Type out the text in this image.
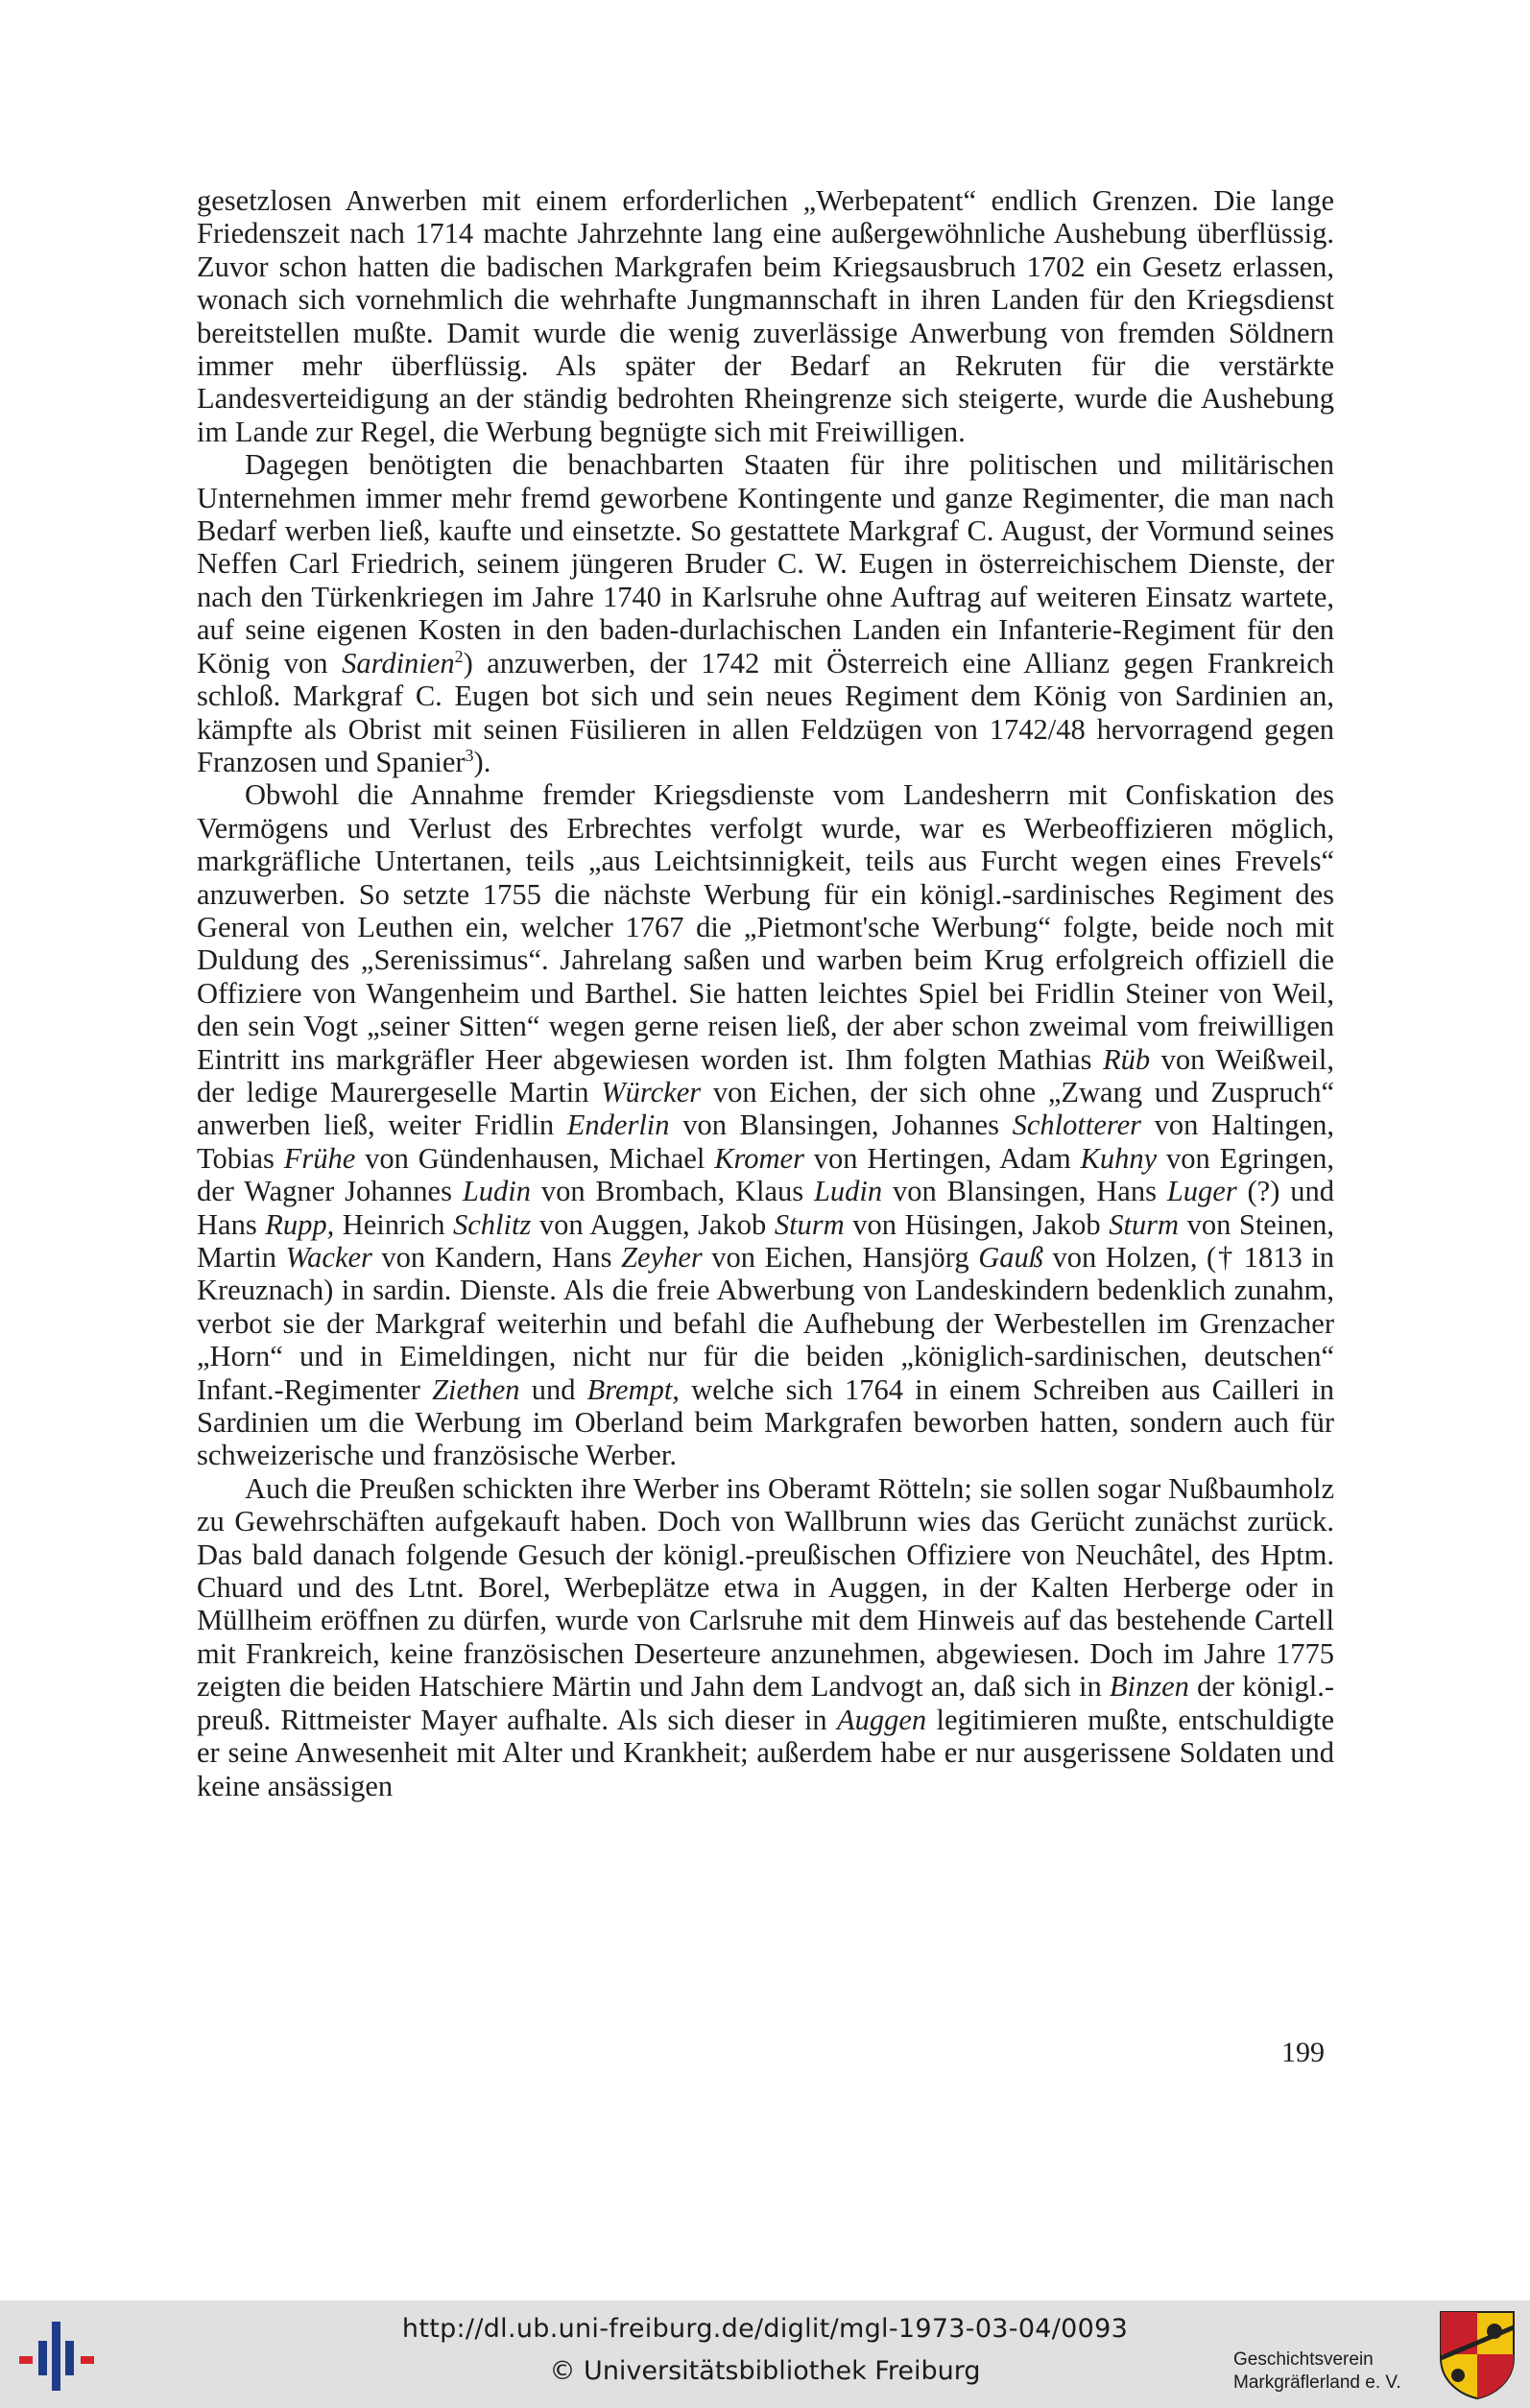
gesetzlosen Anwerben mit einem erforderlichen „Werbepatent“ endlich Grenzen. Die lange Friedenszeit nach 1714 machte Jahrzehnte lang eine außergewöhnliche Aushebung überflüssig. Zuvor schon hatten die badischen Markgrafen beim Kriegsausbruch 1702 ein Gesetz erlassen, wonach sich vornehmlich die wehrhafte Jungmannschaft in ihren Landen für den Kriegsdienst bereitstellen mußte. Damit wurde die wenig zuverlässige Anwerbung von fremden Söldnern immer mehr überflüssig. Als später der Bedarf an Rekruten für die verstärkte Landesverteidigung an der ständig bedrohten Rheingrenze sich steigerte, wurde die Aushebung im Lande zur Regel, die Werbung begnügte sich mit Freiwilligen.

Dagegen benötigten die benachbarten Staaten für ihre politischen und militärischen Unternehmen immer mehr fremd geworbene Kontingente und ganze Regimenter, die man nach Bedarf werben ließ, kaufte und einsetzte. So gestattete Markgraf C. August, der Vormund seines Neffen Carl Friedrich, seinem jüngeren Bruder C. W. Eugen in österreichischem Dienste, der nach den Türkenkriegen im Jahre 1740 in Karlsruhe ohne Auftrag auf weiteren Einsatz wartete, auf seine eigenen Kosten in den baden-durlachischen Landen ein Infanterie-Regiment für den König von Sardinien$^2$) anzuwerben, der 1742 mit Österreich eine Allianz gegen Frankreich schloß. Markgraf C. Eugen bot sich und sein neues Regiment dem König von Sardinien an, kämpfte als Obrist mit seinen Füsilieren in allen Feldzügen von 1742/48 hervorragend gegen Franzosen und Spanier$^3$).

Obwohl die Annahme fremder Kriegsdienste vom Landesherrn mit Confiskation des Vermögens und Verlust des Erbrechtes verfolgt wurde, war es Werbeoffizieren möglich, markgräfliche Untertanen, teils „aus Leichtsinnigkeit, teils aus Furcht wegen eines Frevels“ anzuwerben. So setzte 1755 die nächste Werbung für ein königl.-sardinisches Regiment des General von Leuthen ein, welcher 1767 die „Pietmont'sche Werbung“ folgte, beide noch mit Duldung des „Serenissimus“. Jahrelang saßen und warben beim Krug erfolgreich offiziell die Offiziere von Wangenheim und Barthel. Sie hatten leichtes Spiel bei Fridlin Steiner von Weil, den sein Vogt „seiner Sitten“ wegen gerne reisen ließ, der aber schon zweimal vom freiwilligen Eintritt ins markgräfler Heer abgewiesen worden ist. Ihm folgten Mathias Rüb von Weißweil, der ledige Maurergeselle Martin Würcker von Eichen, der sich ohne „Zwang und Zuspruch“ anwerben ließ, weiter Fridlin Enderlin von Blansingen, Johannes Schlotterer von Haltingen, Tobias Frühe von Gündenhausen, Michael Kromer von Hertingen, Adam Kuhny von Egringen, der Wagner Johannes Ludin von Brombach, Klaus Ludin von Blansingen, Hans Luger (?) und Hans Rupp, Heinrich Schlitz von Auggen, Jakob Sturm von Hüsingen, Jakob Sturm von Steinen, Martin Wacker von Kandern, Hans Zeyher von Eichen, Hansjörg Gauß von Holzen, († 1813 in Kreuznach) in sardin. Dienste. Als die freie Abwerbung von Landeskindern bedenklich zunahm, verbot sie der Markgraf weiterhin und befahl die Aufhebung der Werbestellen im Grenzacher „Horn“ und in Eimeldingen, nicht nur für die beiden „königlich-sardinischen, deutschen“ Infant.-Regimenter Ziethen und Brempt, welche sich 1764 in einem Schreiben aus Cailleri in Sardinien um die Werbung im Oberland beim Markgrafen beworben hatten, sondern auch für schweizerische und französische Werber.

Auch die Preußen schickten ihre Werber ins Oberamt Rötteln; sie sollen sogar Nußbaumholz zu Gewehrschäften aufgekauft haben. Doch von Wallbrunn wies das Gerücht zunächst zurück. Das bald danach folgende Gesuch der königl.-preußischen Offiziere von Neuchâtel, des Hptm. Chuard und des Ltnt. Borel, Werbeplätze etwa in Auggen, in der Kalten Herberge oder in Müllheim eröffnen zu dürfen, wurde von Carlsruhe mit dem Hinweis auf das bestehende Cartell mit Frankreich, keine französischen Deserteure anzunehmen, abgewiesen. Doch im Jahre 1775 zeigten die beiden Hatschiere Märtin und Jahn dem Landvogt an, daß sich in Binzen der königl.-preuß. Rittmeister Mayer aufhalte. Als sich dieser in Auggen legitimieren mußte, entschuldigte er seine Anwesenheit mit Alter und Krankheit; außerdem habe er nur ausgerissene Soldaten und keine ansässigen

199
http://dl.ub.uni-freiburg.de/diglit/mgl-1973-03-04/0093
© Universitätsbibliothek Freiburg	Geschichtsverein
Markgräflerland e. V.
